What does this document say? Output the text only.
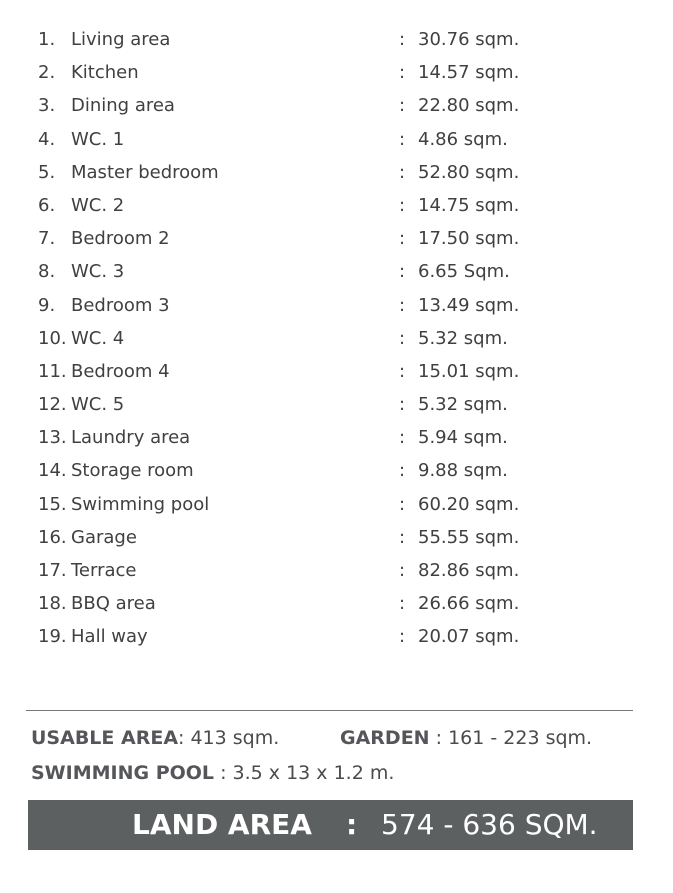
1. Living area	: 30.76 sqm.
2. Kitchen	: 14.57 sqm.
3. Dining area	: 22.80 sqm.
4. WC. 1	: 4.86 sqm.
5. Master bedroom	: 52.80 sqm.
6. WC. 2	: 14.75 sqm.
7. Bedroom 2	: 17.50 sqm.
8. WC. 3	: 6.65 Sqm.
9. Bedroom 3	: 13.49 sqm.
10. WC. 4	: 5.32 sqm.
11. Bedroom 4	: 15.01 sqm.
12. WC. 5	: 5.32 sqm.
13. Laundry area	: 5.94 sqm.
14. Storage room	: 9.88 sqm.
15. Swimming pool	: 60.20 sqm.
16. Garage	: 55.55 sqm.
17. Terrace	: 82.86 sqm.
18. BBQ area	: 26.66 sqm.
19. Hall way	: 20.07 sqm.
USABLE AREA: 413 sqm.	GARDEN : 161 - 223 sqm.
SWIMMING POOL : 3.5 x 13 x 1.2 m.
LAND AREA : 574 - 636 SQM.
